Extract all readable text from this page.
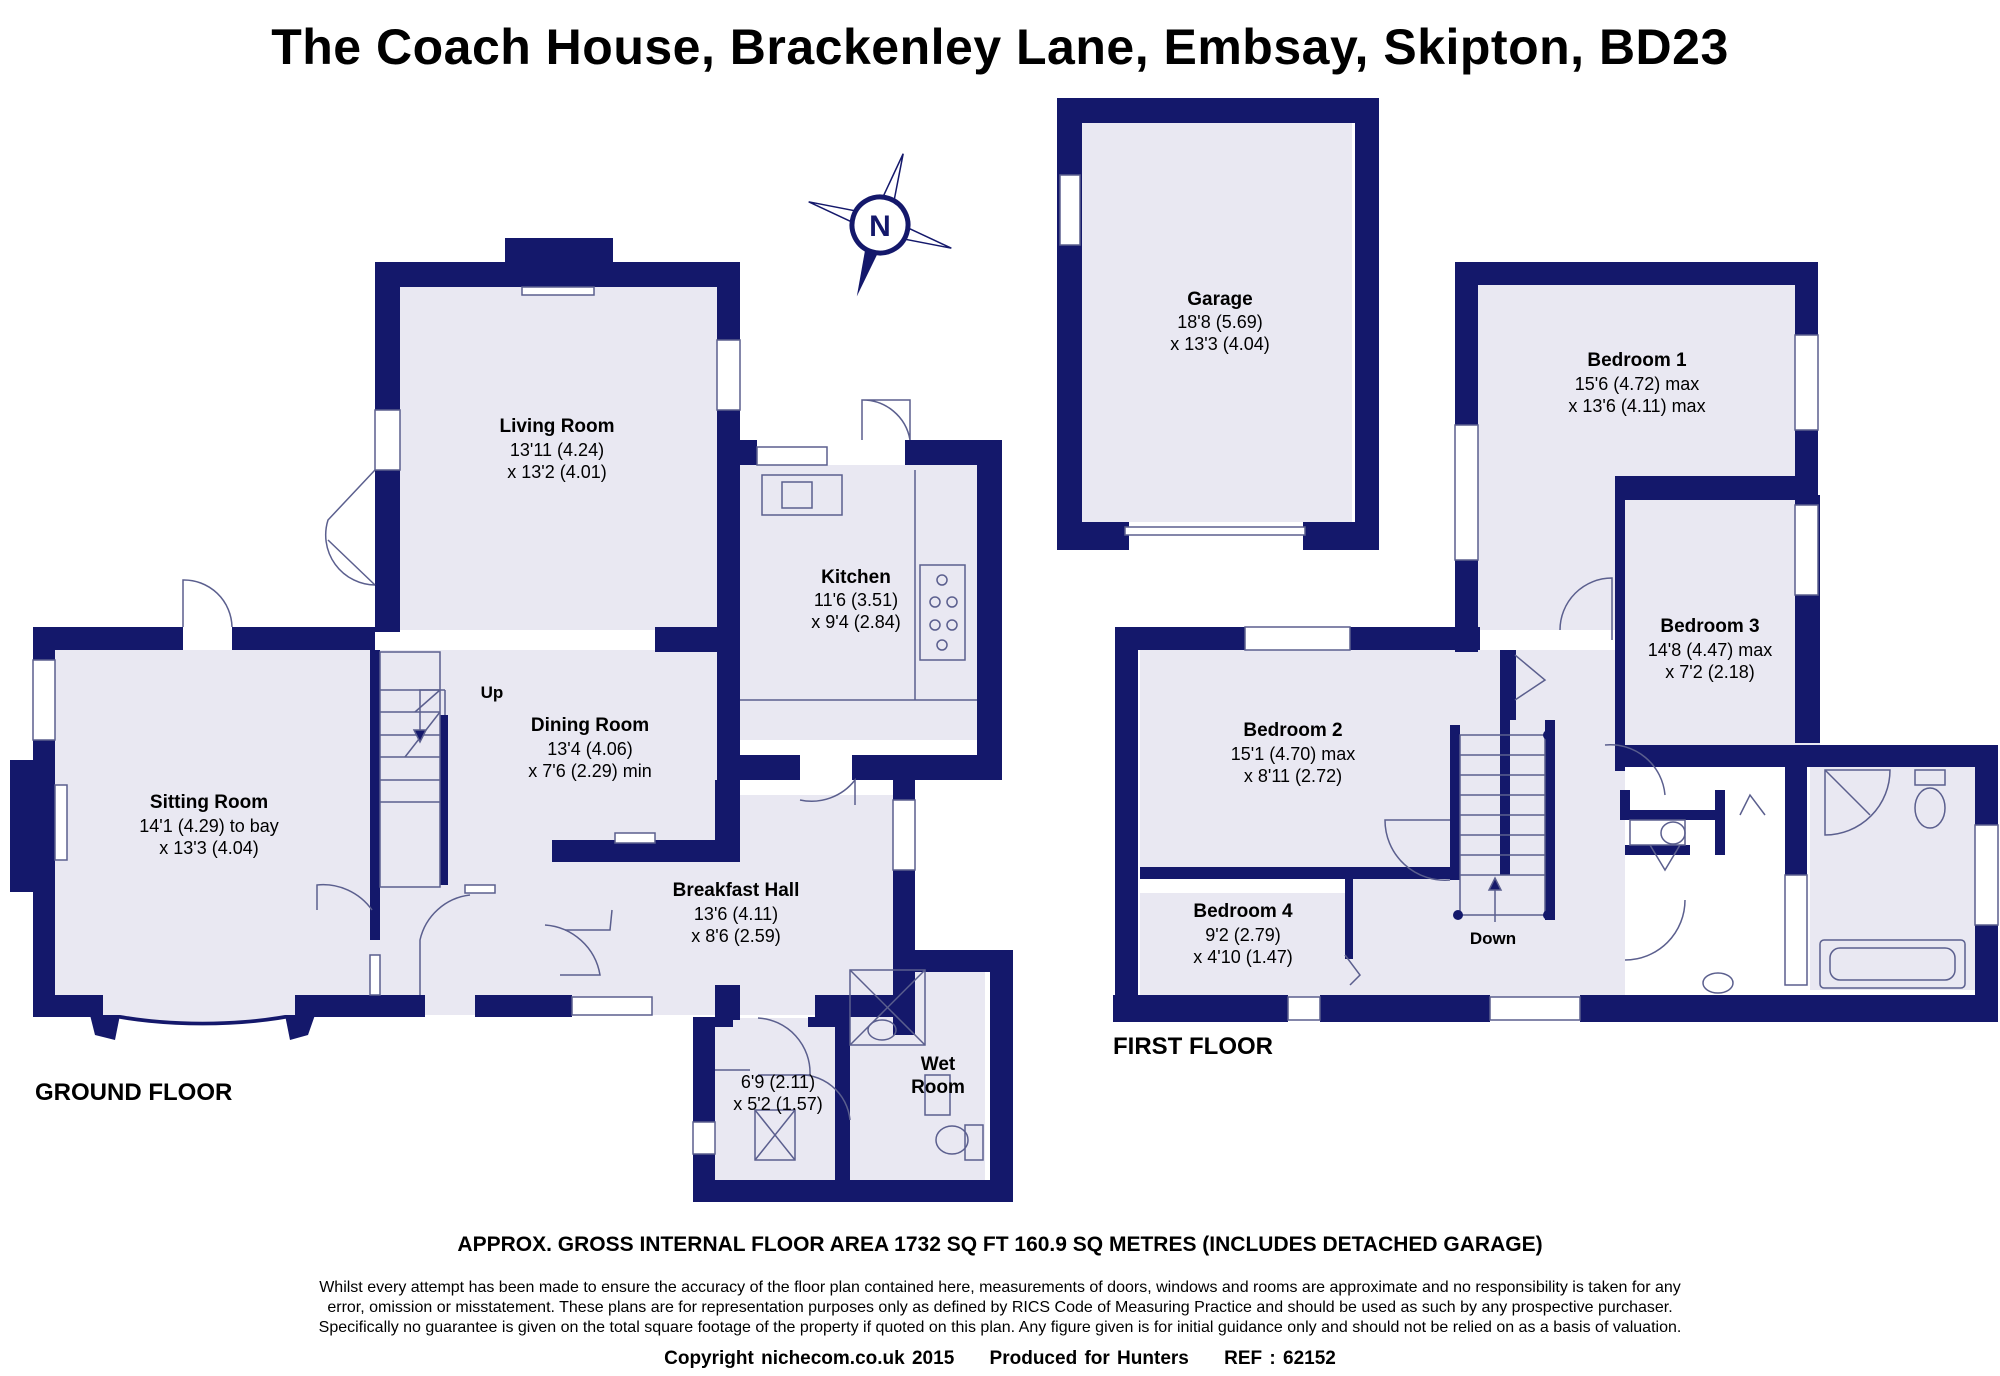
The Coach House, Brackenley Lane, Embsay, Skipton, BD23
N
Living Room
13'11 (4.24)
x 13'2 (4.01)
Dining Room
13'4 (4.06)
x 7'6 (2.29) min
Kitchen
11'6 (3.51)
x 9'4 (2.84)
Sitting Room
14'1 (4.29) to bay
x 13'3 (4.04)
Breakfast Hall
13'6 (4.11)
x 8'6 (2.59)
6'9 (2.11)
x 5'2 (1.57)
Wet
Room
Up
Down
Garage
18'8 (5.69)
x 13'3 (4.04)
Bedroom 1
15'6 (4.72) max
x 13'6 (4.11) max
Bedroom 2
15'1 (4.70) max
x 8'11 (2.72)
Bedroom 3
14'8 (4.47) max
x 7'2 (2.18)
Bedroom 4
9'2 (2.79)
x 4'10 (1.47)
GROUND FLOOR
FIRST FLOOR
APPROX. GROSS INTERNAL FLOOR AREA 1732 SQ FT 160.9 SQ METRES (INCLUDES DETACHED GARAGE)
Whilst every attempt has been made to ensure the accuracy of the floor plan contained here, measurements of doors, windows and rooms are approximate and no responsibility is taken for any
error, omission or misstatement. These plans are for representation purposes only as defined by RICS Code of Measuring Practice and should be used as such by any prospective purchaser.
Specifically no guarantee is given on the total square footage of the property if quoted on this plan. Any figure given is for initial guidance only and should not be relied on as a basis of valuation.
Copyright nichecom.co.uk 2015 Produced for Hunters REF : 62152
